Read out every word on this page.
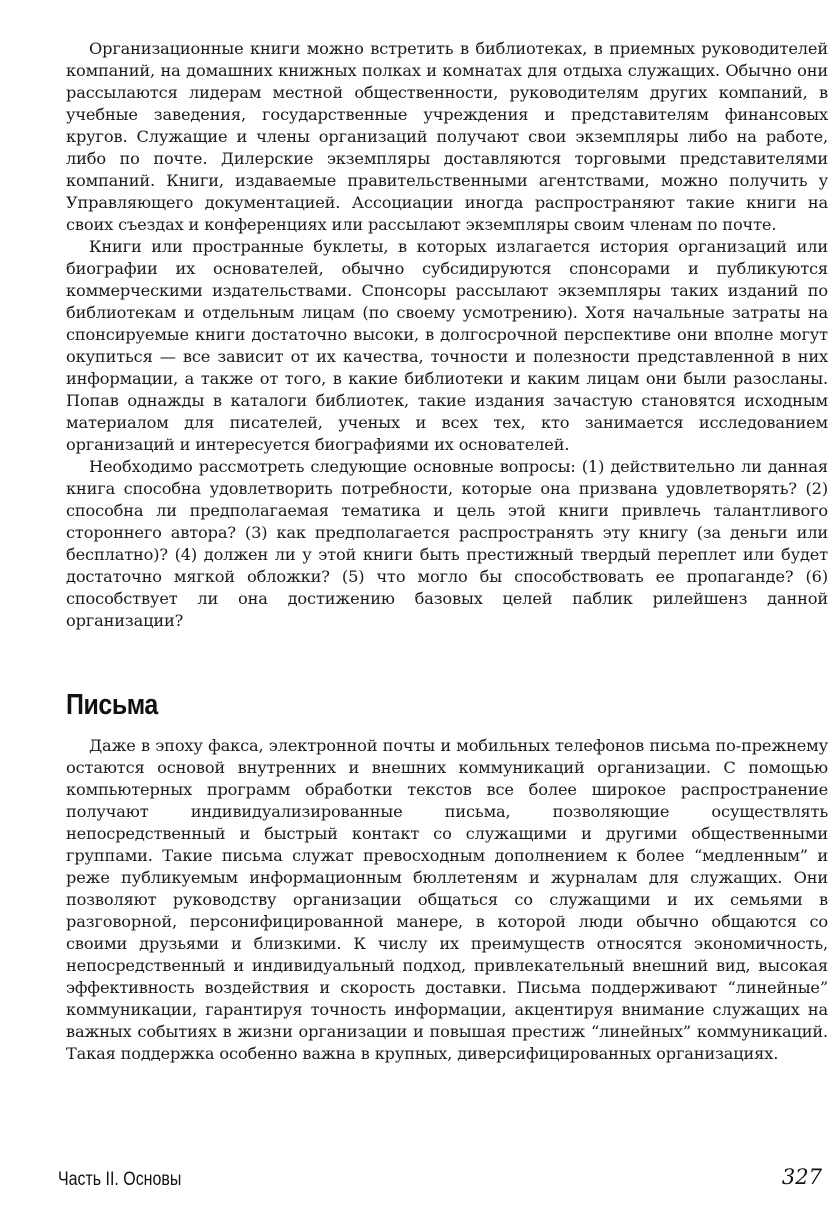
Организационные книги можно встретить в библиотеках, в приемных руководителей компаний, на домашних книжных полках и комнатах для отдыха служащих. Обычно они рассылаются лидерам местной общественности, руководителям других компаний, в учебные заведения, государственные учреждения и представителям финансовых кругов. Служащие и члены организаций получают свои экземпляры либо на работе, либо по почте. Дилерские экземпляры доставляются торговыми представителями компаний. Книги, издаваемые правительственными агентствами, можно получить у Управляющего документацией. Ассоциации иногда распространяют такие книги на своих съездах и конференциях или рассылают экземпляры своим членам по почте.

Книги или пространные буклеты, в которых излагается история организаций или биографии их основателей, обычно субсидируются спонсорами и публикуются коммерческими издательствами. Спонсоры рассылают экземпляры таких изданий по библиотекам и отдельным лицам (по своему усмотрению). Хотя начальные затраты на спонсируемые книги достаточно высоки, в долгосрочной перспективе они вполне могут окупиться — все зависит от их качества, точности и полезности представленной в них информации, а также от того, в какие библиотеки и каким лицам они были разосланы. Попав однажды в каталоги библиотек, такие издания зачастую становятся исходным материалом для писателей, ученых и всех тех, кто занимается исследованием организаций и интересуется биографиями их основателей.

Необходимо рассмотреть следующие основные вопросы: (1) действительно ли данная книга способна удовлетворить потребности, которые она призвана удовлетворять? (2) способна ли предполагаемая тематика и цель этой книги привлечь талантливого стороннего автора? (3) как предполагается распространять эту книгу (за деньги или бесплатно)? (4) должен ли у этой книги быть престижный твердый переплет или будет достаточно мягкой обложки? (5) что могло бы способствовать ее пропаганде? (6) способствует ли она достижению базовых целей паблик рилейшенз данной организации?

Письма

Даже в эпоху факса, электронной почты и мобильных телефонов письма по-прежнему остаются основой внутренних и внешних коммуникаций организации. С помощью компьютерных программ обработки текстов все более широкое распространение получают индивидуализированные письма, позволяющие осуществлять непосредственный и быстрый контакт со служащими и другими общественными группами. Такие письма служат превосходным дополнением к более “медленным” и реже публикуемым информационным бюллетеням и журналам для служащих. Они позволяют руководству организации общаться со служащими и их семьями в разговорной, персонифицированной манере, в которой люди обычно общаются со своими друзьями и близкими. К числу их преимуществ относятся экономичность, непосредственный и индивидуальный подход, привлекательный внешний вид, высокая эффективность воздействия и скорость доставки. Письма поддерживают “линейные” коммуникации, гарантируя точность информации, акцентируя внимание служащих на важных событиях в жизни организации и повышая престиж “линейных” коммуникаций. Такая поддержка особенно важна в крупных, диверсифицированных организациях.

Часть II. Основы	327
